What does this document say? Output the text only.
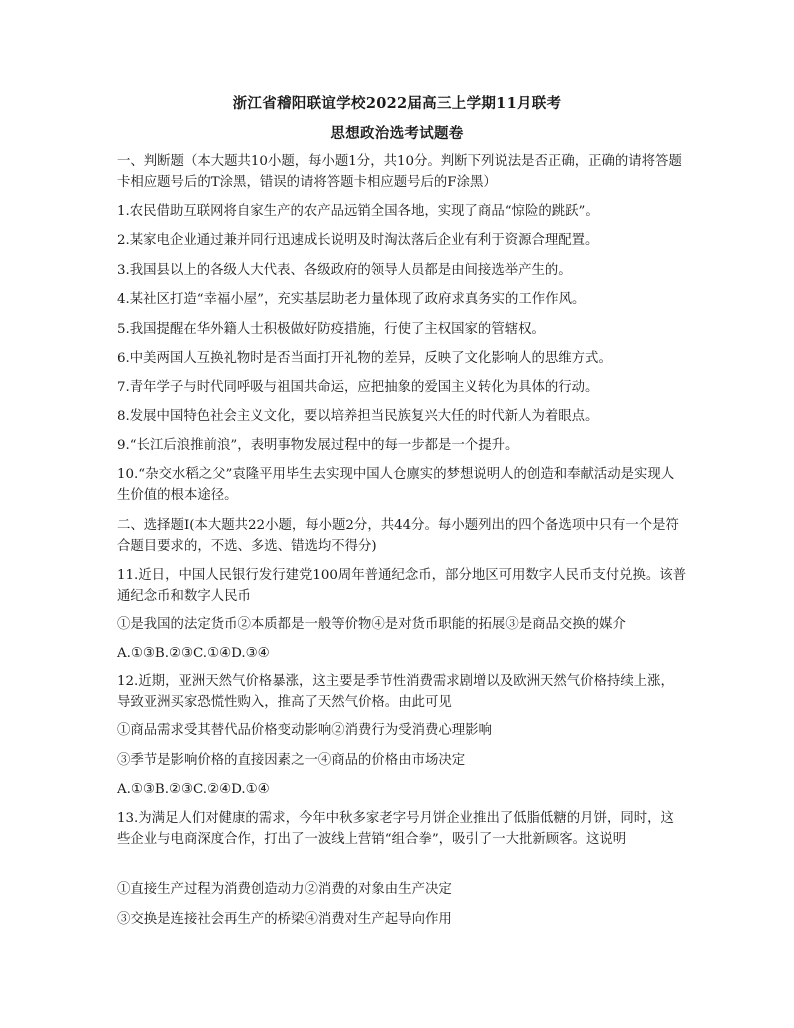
浙江省稽阳联谊学校2022届高三上学期11月联考
思想政治选考试题卷
一、判断题（本大题共10小题，每小题1分，共10分。判断下列说法是否正确，正确的请将答题卡相应题号后的T涂黑，错误的请将答题卡相应题号后的F涂黑）
1.农民借助互联网将自家生产的农产品远销全国各地，实现了商品“惊险的跳跃”。
2.某家电企业通过兼并同行迅速成长说明及时淘汰落后企业有利于资源合理配置。
3.我国县以上的各级人大代表、各级政府的领导人员都是由间接选举产生的。
4.某社区打造“幸福小屋”，充实基层助老力量体现了政府求真务实的工作作风。
5.我国提醒在华外籍人士积极做好防疫措施，行使了主权国家的管辖权。
6.中美两国人互换礼物时是否当面打开礼物的差异，反映了文化影响人的思维方式。
7.青年学子与时代同呼吸与祖国共命运，应把抽象的爱国主义转化为具体的行动。
8.发展中国特色社会主义文化，要以培养担当民族复兴大任的时代新人为着眼点。
9.“长江后浪推前浪”，表明事物发展过程中的每一步都是一个提升。
10.“杂交水稻之父”袁隆平用毕生去实现中国人仓廪实的梦想说明人的创造和奉献活动是实现人生价值的根本途径。
二、选择题Ⅰ(本大题共22小题，每小题2分，共44分。每小题列出的四个备选项中只有一个是符合题目要求的，不选、多选、错选均不得分)
11.近日，中国人民银行发行建党100周年普通纪念币，部分地区可用数字人民币支付兑换。该普通纪念币和数字人民币
①是我国的法定货币②本质都是一般等价物④是对货币职能的拓展③是商品交换的媒介
A.①③B.②③C.①④D.③④
12.近期，亚洲天然气价格暴涨，这主要是季节性消费需求剧增以及欧洲天然气价格持续上涨，导致亚洲买家恐慌性购入，推高了天然气价格。由此可见
①商品需求受其替代品价格变动影响②消费行为受消费心理影响
③季节是影响价格的直接因素之一④商品的价格由市场决定
A.①③B.②③C.②④D.①④
13.为满足人们对健康的需求，今年中秋多家老字号月饼企业推出了低脂低糖的月饼，同时，这些企业与电商深度合作，打出了一波线上营销“组合拳”，吸引了一大批新顾客。这说明
①直接生产过程为消费创造动力②消费的对象由生产决定
③交换是连接社会再生产的桥梁④消费对生产起导向作用
